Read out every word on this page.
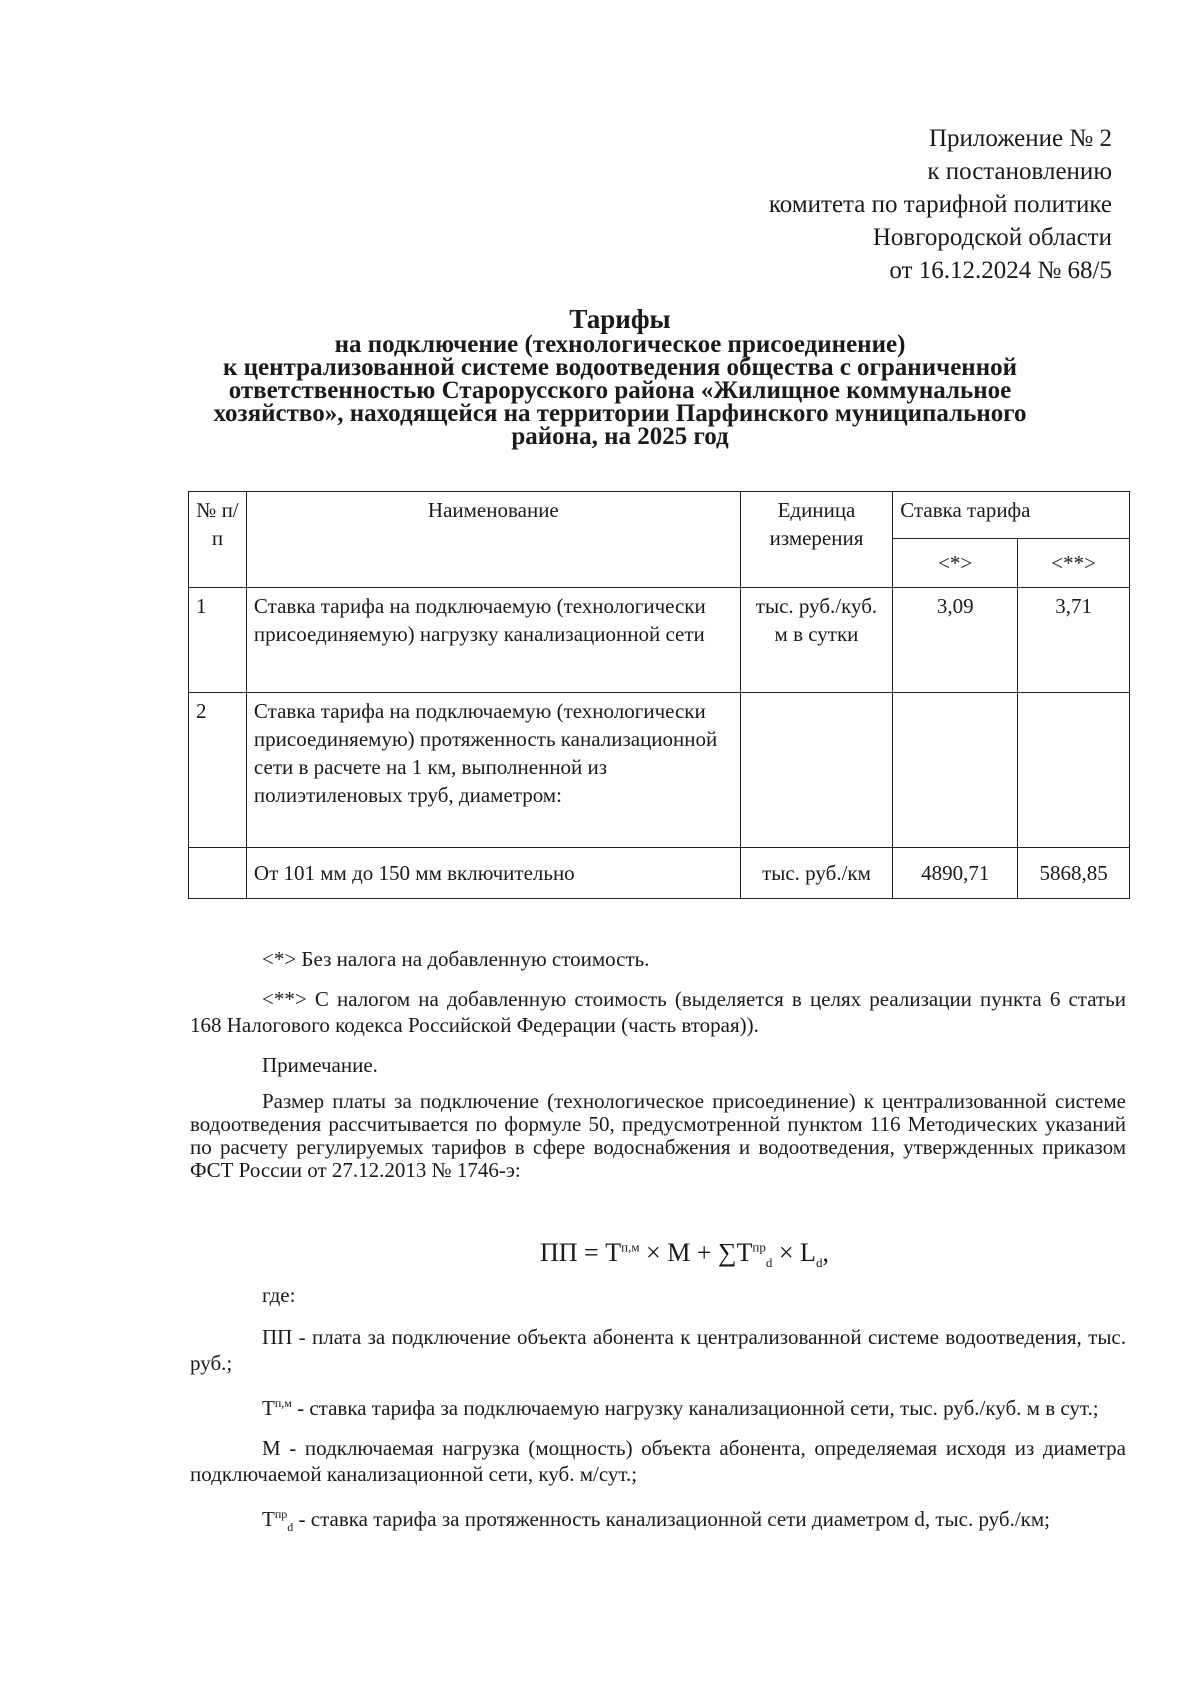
Приложение № 2
к постановлению
комитета по тарифной политике
Новгородской области
от 16.12.2024 № 68/5
Тарифы
на подключение (технологическое присоединение)
к централизованной системе водоотведения общества с ограниченной
ответственностью Старорусского района «Жилищное коммунальное
хозяйство», находящейся на территории Парфинского муниципального
района, на 2025 год
№ п/п	Наименование	Единица измерения	Ставка тарифа	
			<*>	<**>
1	Ставка тарифа на подключаемую (технологически присоединяемую) нагрузку канализационной сети	тыс. руб./куб. м в сутки	3,09	3,71
2	Ставка тарифа на подключаемую (технологически присоединяемую) протяженность канализационной сети в расчете на 1 км, выполненной из полиэтиленовых труб, диаметром:			
	От 101 мм до 150 мм включительно	тыс. руб./км	4890,71	5868,85

<*> Без налога на добавленную стоимость.

<**> С налогом на добавленную стоимость (выделяется в целях реализации пункта 6 статьи 168 Налогового кодекса Российской Федерации (часть вторая)).

Примечание.

Размер платы за подключение (технологическое присоединение) к централизованной системе водоотведения рассчитывается по формуле 50, предусмотренной пунктом 116 Методических указаний по расчету регулируемых тарифов в сфере водоснабжения и водоотведения, утвержденных приказом ФСТ России от 27.12.2013 № 1746-э:

ПП = $T^{п,м} \times M + \sum T^{пр}_d \times L_d$,

где:

ПП - плата за подключение объекта абонента к централизованной системе водоотведения, тыс. руб.;

$T^{п,м}$ - ставка тарифа за подключаемую нагрузку канализационной сети, тыс. руб./куб. м в сут.;

M - подключаемая нагрузка (мощность) объекта абонента, определяемая исходя из диаметра подключаемой канализационной сети, куб. м/сут.;

$T^{пр}_d$ - ставка тарифа за протяженность канализационной сети диаметром d, тыс. руб./км;
